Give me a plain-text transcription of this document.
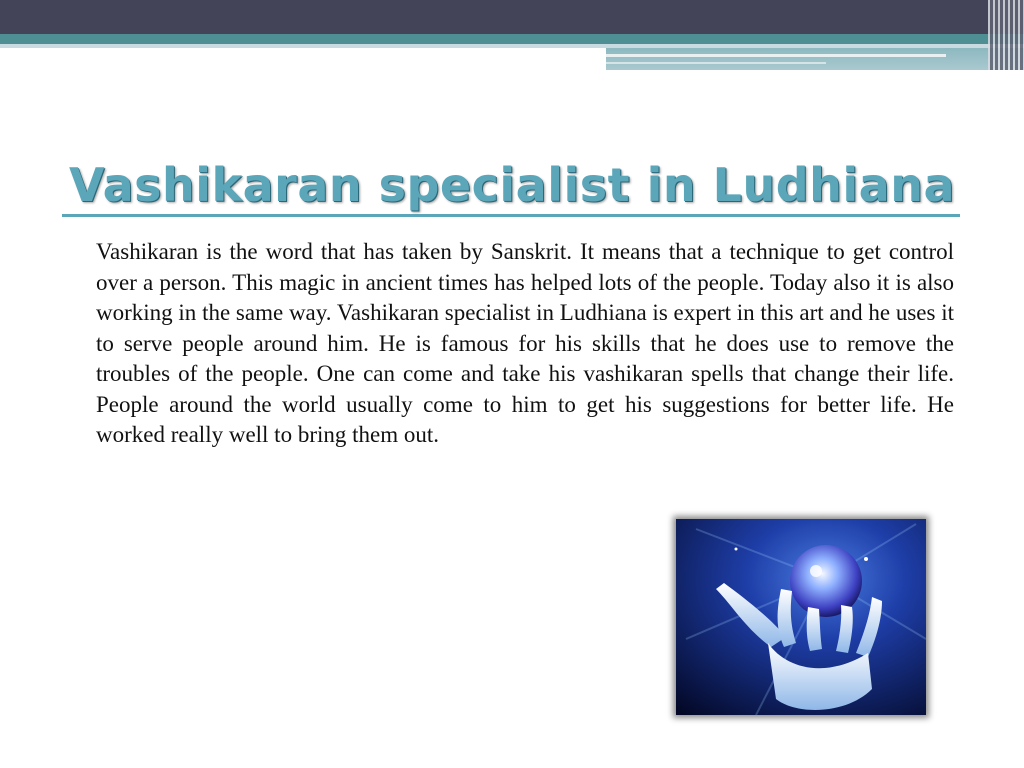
Vashikaran specialist in Ludhiana

Vashikaran is the word that has taken by Sanskrit. It means that a technique to get control over a person. This magic in ancient times has helped lots of the people. Today also it is also working in the same way. Vashikaran specialist in Ludhiana is expert in this art and he uses it to serve people around him. He is famous for his skills that he does use to remove the troubles of the people. One can come and take his vashikaran spells that change their life. People around the world usually come to him to get his suggestions for better life. He worked really well to bring them out.
